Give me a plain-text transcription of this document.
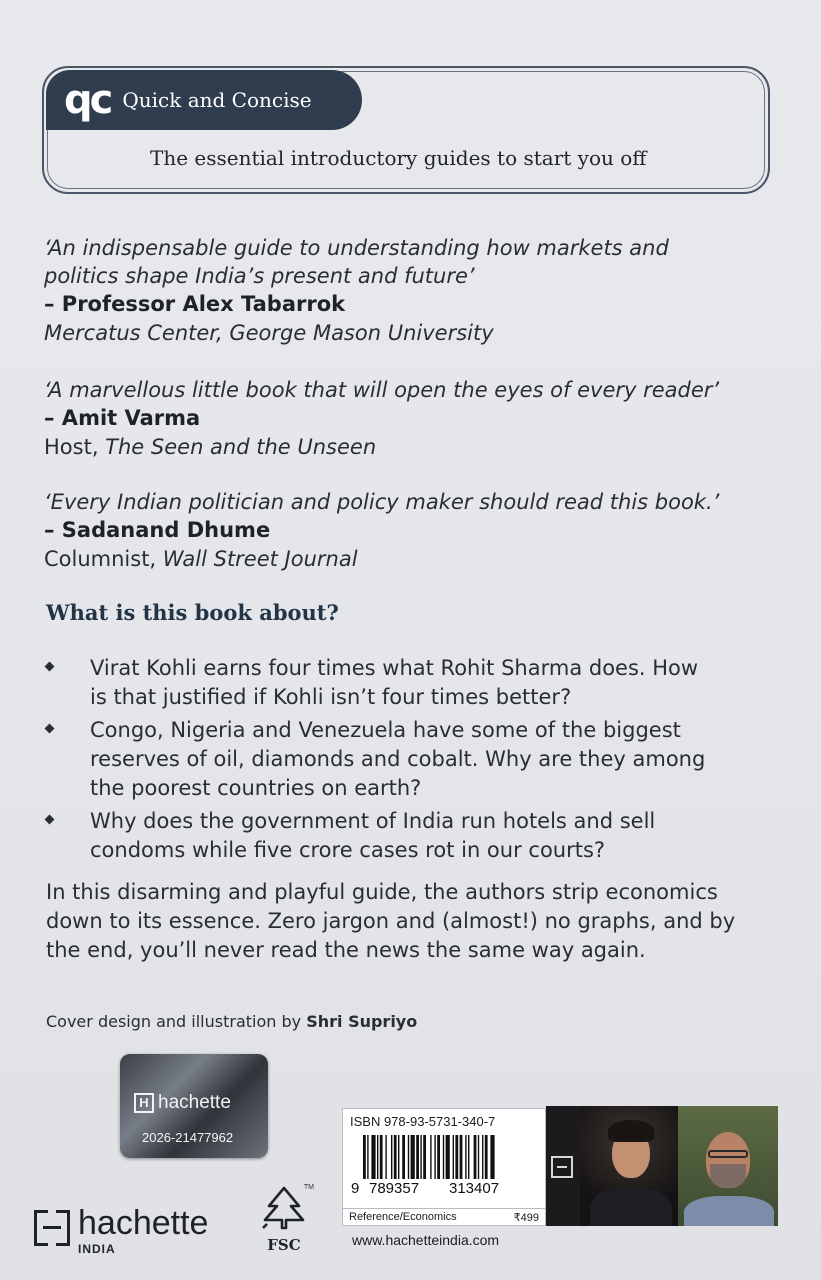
qc Quick and Concise
The essential introductory guides to start you off
‘An indispensable guide to understanding how markets and
politics shape India’s present and future’
– Professor Alex Tabarrok
Mercatus Center, George Mason University
‘A marvellous little book that will open the eyes of every reader’
– Amit Varma
Host, The Seen and the Unseen
‘Every Indian politician and policy maker should read this book.’
– Sadanand Dhume
Columnist, Wall Street Journal
What is this book about?
Virat Kohli earns four times what Rohit Sharma does. How
is that justified if Kohli isn’t four times better?
Congo, Nigeria and Venezuela have some of the biggest
reserves of oil, diamonds and cobalt. Why are they among
the poorest countries on earth?
Why does the government of India run hotels and sell
condoms while five crore cases rot in our courts?
In this disarming and playful guide, the authors strip economics
down to its essence. Zero jargon and (almost!) no graphs, and by
the end, you’ll never read the news the same way again.
Cover design and illustration by Shri Supriyo
H hachette
2026-21477962
hachette
INDIA
TM
FSC
ISBN 978-93-5731-340-7
9 789357 313407
Reference/Economics	₹499
www.hachetteindia.com
